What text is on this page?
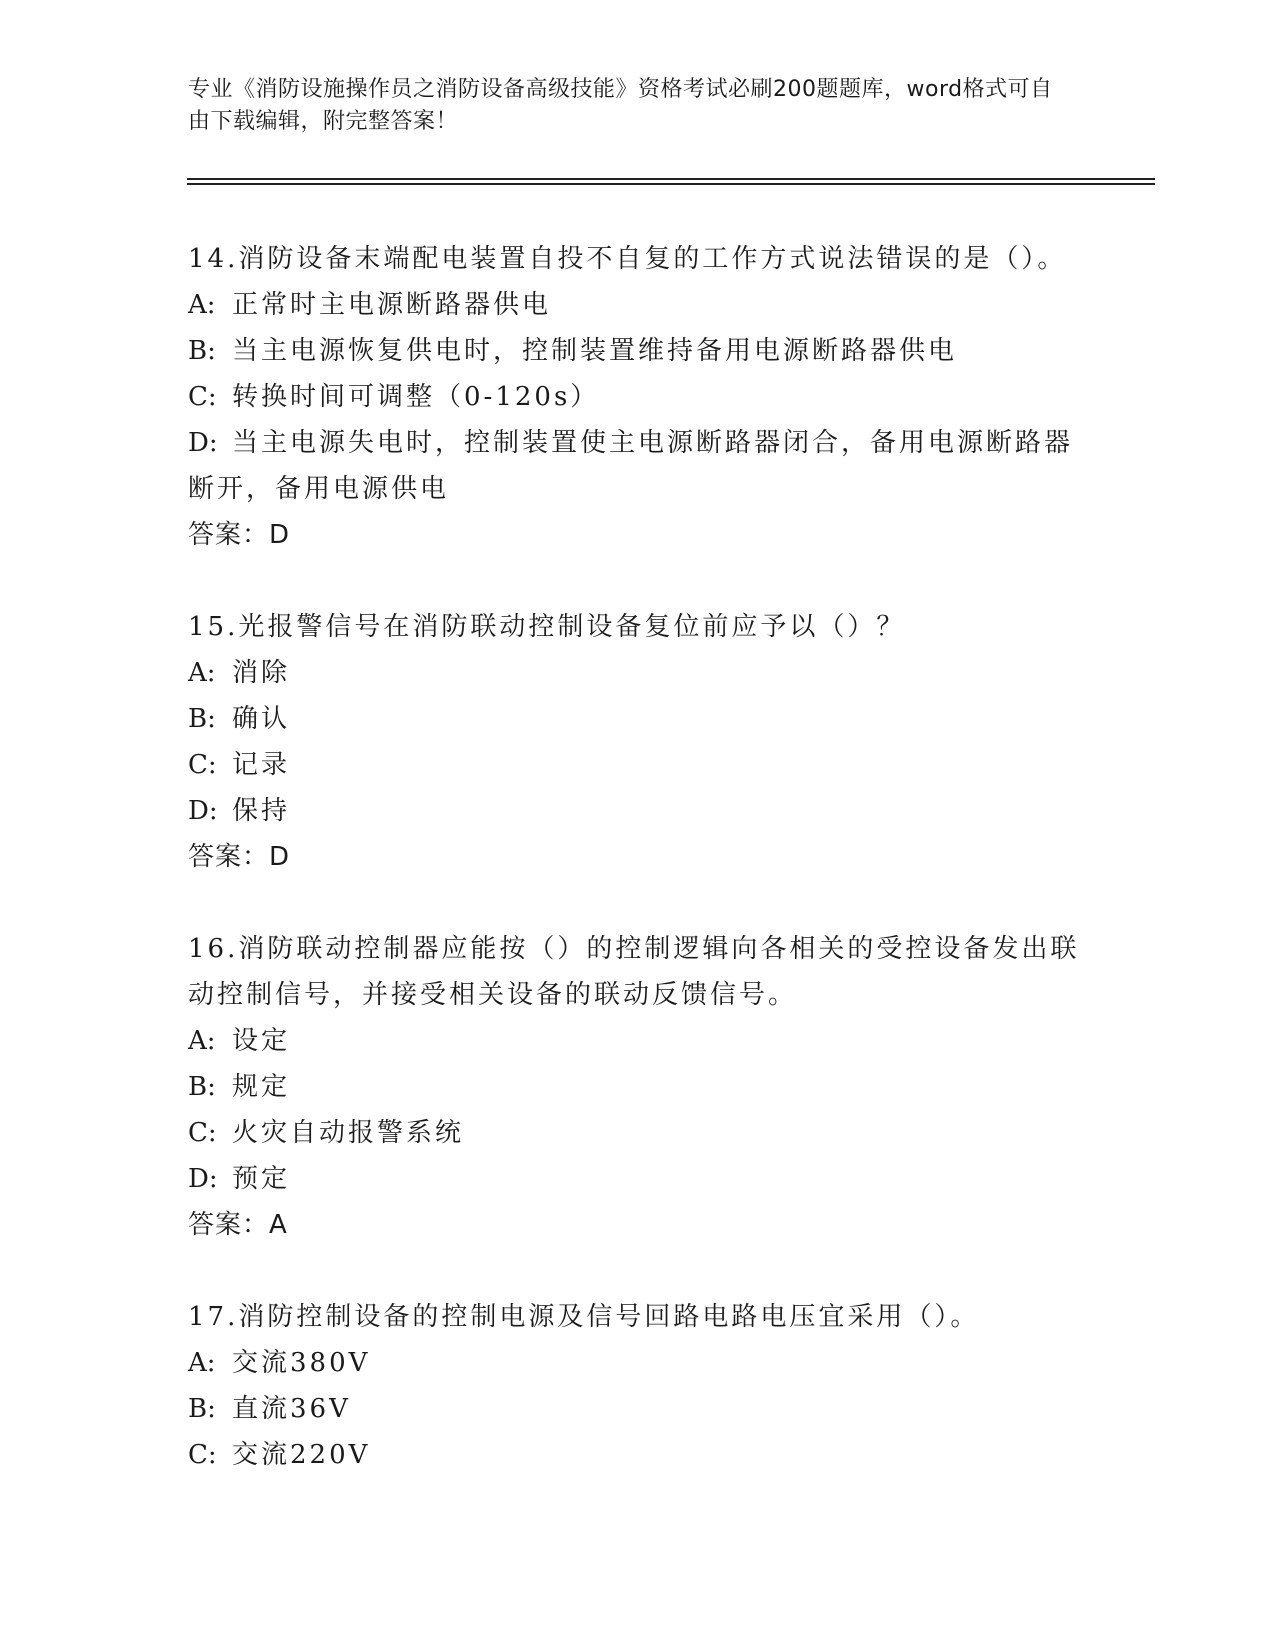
专业《消防设施操作员之消防设备高级技能》资格考试必刷200题题库，word格式可自由下载编辑，附完整答案！

14.消防设备末端配电装置自投不自复的工作方式说法错误的是（）。

A: 正常时主电源断路器供电

B: 当主电源恢复供电时，控制装置维持备用电源断路器供电

C: 转换时间可调整（0-120s）

D: 当主电源失电时，控制装置使主电源断路器闭合，备用电源断路器断开，备用电源供电

答案：D

15.光报警信号在消防联动控制设备复位前应予以（）？

A: 消除

B: 确认

C: 记录

D: 保持

答案：D

16.消防联动控制器应能按（）的控制逻辑向各相关的受控设备发出联动控制信号，并接受相关设备的联动反馈信号。

A: 设定

B: 规定

C: 火灾自动报警系统

D: 预定

答案：A

17.消防控制设备的控制电源及信号回路电路电压宜采用（）。

A: 交流380V

B: 直流36V

C: 交流220V
